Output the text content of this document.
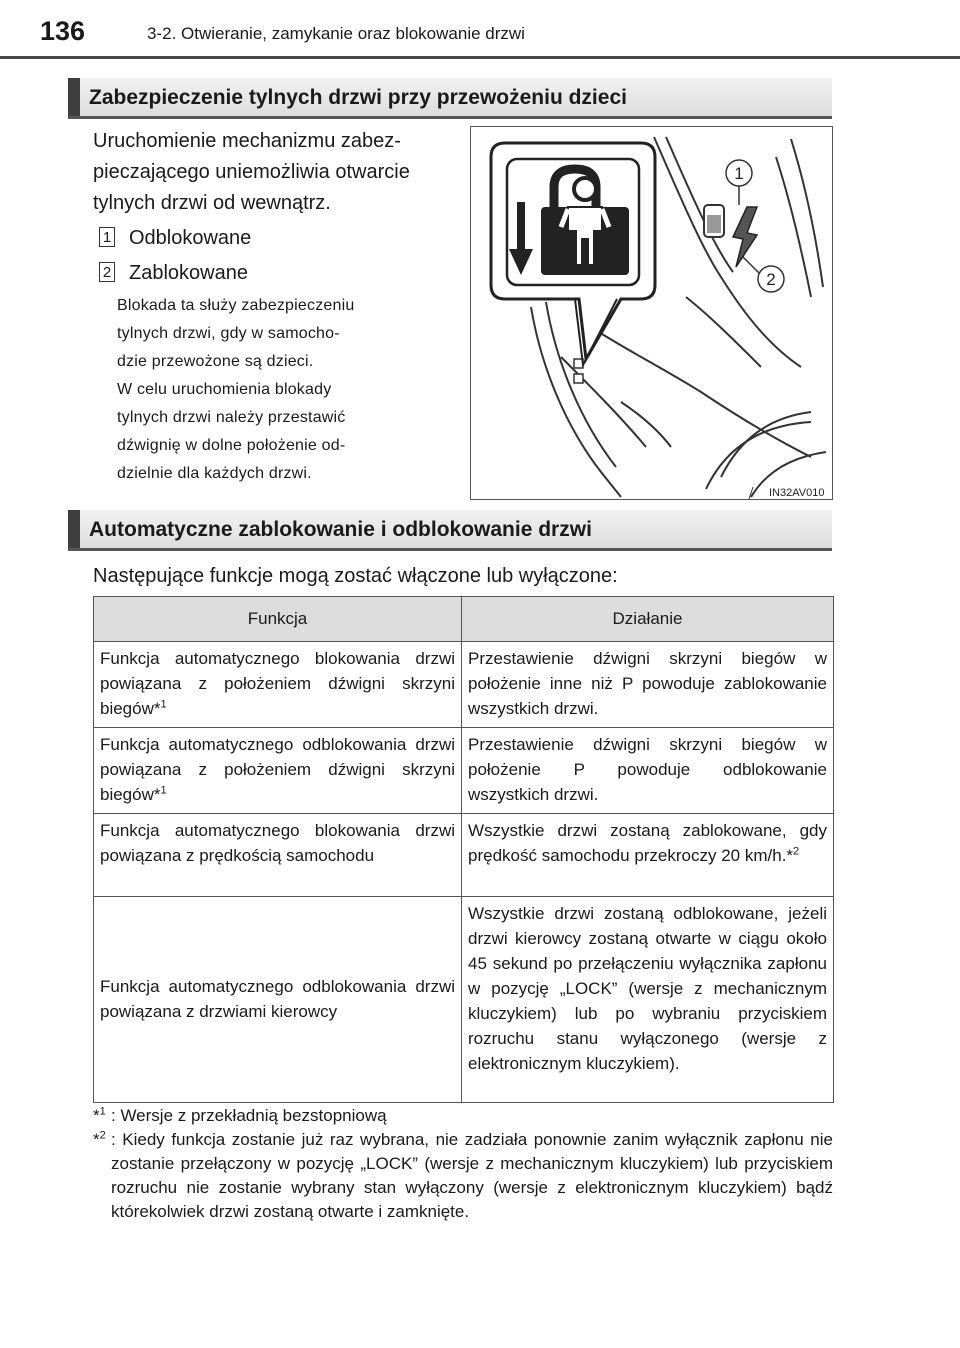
136	3-2. Otwieranie, zamykanie oraz blokowanie drzwi
Zabezpieczenie tylnych drzwi przy przewożeniu dzieci
Uruchomienie mechanizmu zabez-
pieczającego uniemożliwia otwarcie
tylnych drzwi od wewnątrz.
1 Odblokowane
2 Zablokowane
Blokada ta służy zabezpieczeniu
tylnych drzwi, gdy w samocho-
dzie przewożone są dzieci.
W celu uruchomienia blokady
tylnych drzwi należy przestawić
dźwignię w dolne położenie od-
dzielnie dla każdych drzwi.
1
2
IN32AV010
Automatyczne zablokowanie i odblokowanie drzwi
Następujące funkcje mogą zostać włączone lub wyłączone:
Funkcja	Działanie
Funkcja automatycznego blokowania drzwi powiązana z położeniem dźwigni skrzyni biegów*$^1$	Przestawienie dźwigni skrzyni biegów w położenie inne niż P powoduje zablokowanie wszystkich drzwi.
Funkcja automatycznego odblokowania drzwi powiązana z położeniem dźwigni skrzyni biegów*$^1$	Przestawienie dźwigni skrzyni biegów w położenie P powoduje odblokowanie wszystkich drzwi.
Funkcja automatycznego blokowania drzwi powiązana z prędkością samochodu	Wszystkie drzwi zostaną zablokowane, gdy prędkość samochodu przekroczy 20 km/h.*$^2$
Funkcja automatycznego odblokowania drzwi powiązana z drzwiami kierowcy	Wszystkie drzwi zostaną odblokowane, jeżeli drzwi kierowcy zostaną otwarte w ciągu około 45 sekund po przełączeniu wyłącznika zapłonu w pozycję „LOCK” (wersje z mechanicznym kluczykiem) lub po wybraniu przyciskiem rozruchu stanu wyłączonego (wersje z elektronicznym kluczykiem).
*$^1$ : Wersje z przekładnią bezstopniową
*$^2$ : Kiedy funkcja zostanie już raz wybrana, nie zadziała ponownie zanim wyłącznik zapłonu nie zostanie przełączony w pozycję „LOCK” (wersje z mechanicznym kluczykiem) lub przyciskiem rozruchu nie zostanie wybrany stan wyłączony (wersje z elektronicznym kluczykiem) bądź którekolwiek drzwi zostaną otwarte i zamknięte.
